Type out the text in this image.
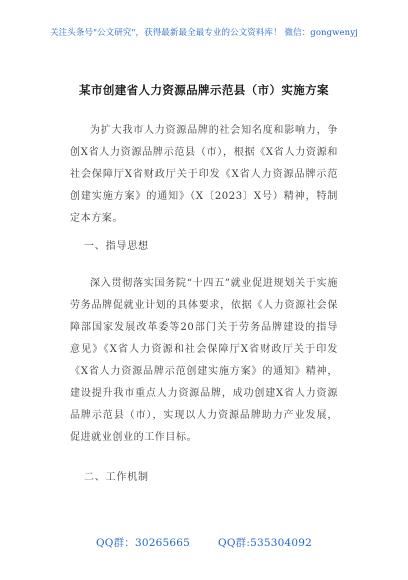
关注头条号"公文研究"，获得最新最全最专业的公文资料库！ 微信：gongwenyj
某市创建省人力资源品牌示范县（市）实施方案
为扩大我市人力资源品牌的社会知名度和影响力，争创X省人力资源品牌示范县（市），根据《X省人力资源和社会保障厅X省财政厅关于印发《X省人力资源品牌示范创建实施方案》的通知》（X〔2023〕X号）精神，特制定本方案。
一、指导思想
深入贯彻落实国务院“十四五”就业促进规划关于实施劳务品牌促就业计划的具体要求，依据《人力资源社会保障部国家发展改革委等20部门关于劳务品牌建设的指导意见》《X省人力资源和社会保障厅X省财政厅关于印发《X省人力资源品牌示范创建实施方案》的通知》精神，建设提升我市重点人力资源品牌，成功创建X省人力资源品牌示范县（市），实现以人力资源品牌助力产业发展，促进就业创业的工作目标。
二、工作机制
QQ群：30265665	QQ群:535304092
